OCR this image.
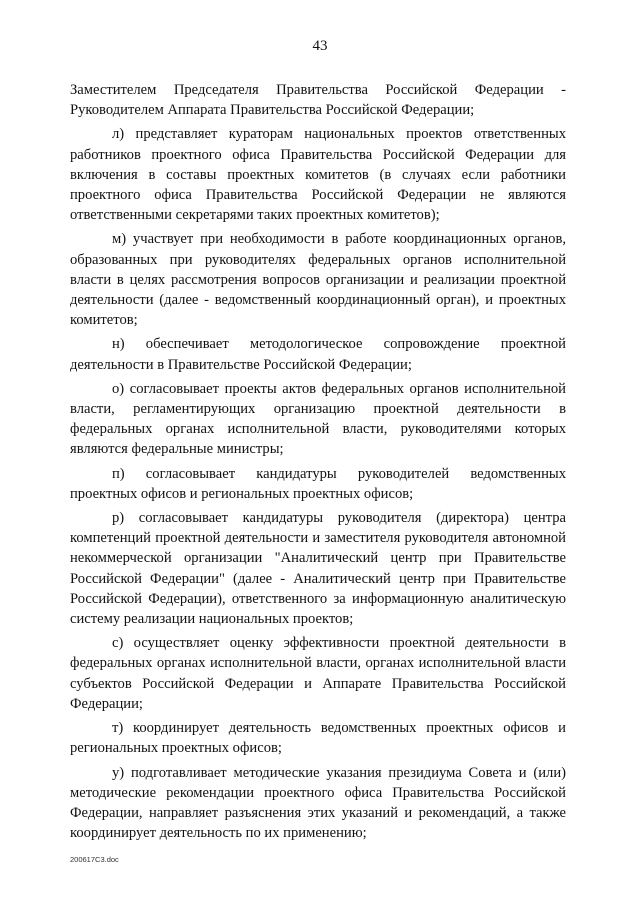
43

Заместителем Председателя Правительства Российской Федерации - Руководителем Аппарата Правительства Российской Федерации;

л) представляет кураторам национальных проектов ответственных работников проектного офиса Правительства Российской Федерации для включения в составы проектных комитетов (в случаях если работники проектного офиса Правительства Российской Федерации не являются ответственными секретарями таких проектных комитетов);

м) участвует при необходимости в работе координационных органов, образованных при руководителях федеральных органов исполнительной власти в целях рассмотрения вопросов организации и реализации проектной деятельности (далее - ведомственный координационный орган), и проектных комитетов;

н) обеспечивает методологическое сопровождение проектной деятельности в Правительстве Российской Федерации;

о) согласовывает проекты актов федеральных органов исполнительной власти, регламентирующих организацию проектной деятельности в федеральных органах исполнительной власти, руководителями которых являются федеральные министры;

п) согласовывает кандидатуры руководителей ведомственных проектных офисов и региональных проектных офисов;

р) согласовывает кандидатуры руководителя (директора) центра компетенций проектной деятельности и заместителя руководителя автономной некоммерческой организации "Аналитический центр при Правительстве Российской Федерации" (далее - Аналитический центр при Правительстве Российской Федерации), ответственного за информационную аналитическую систему реализации национальных проектов;

с) осуществляет оценку эффективности проектной деятельности в федеральных органах исполнительной власти, органах исполнительной власти субъектов Российской Федерации и Аппарате Правительства Российской Федерации;

т) координирует деятельность ведомственных проектных офисов и региональных проектных офисов;

у) подготавливает методические указания президиума Совета и (или) методические рекомендации проектного офиса Правительства Российской Федерации, направляет разъяснения этих указаний и рекомендаций, а также координирует деятельность по их применению;

200617C3.doc
